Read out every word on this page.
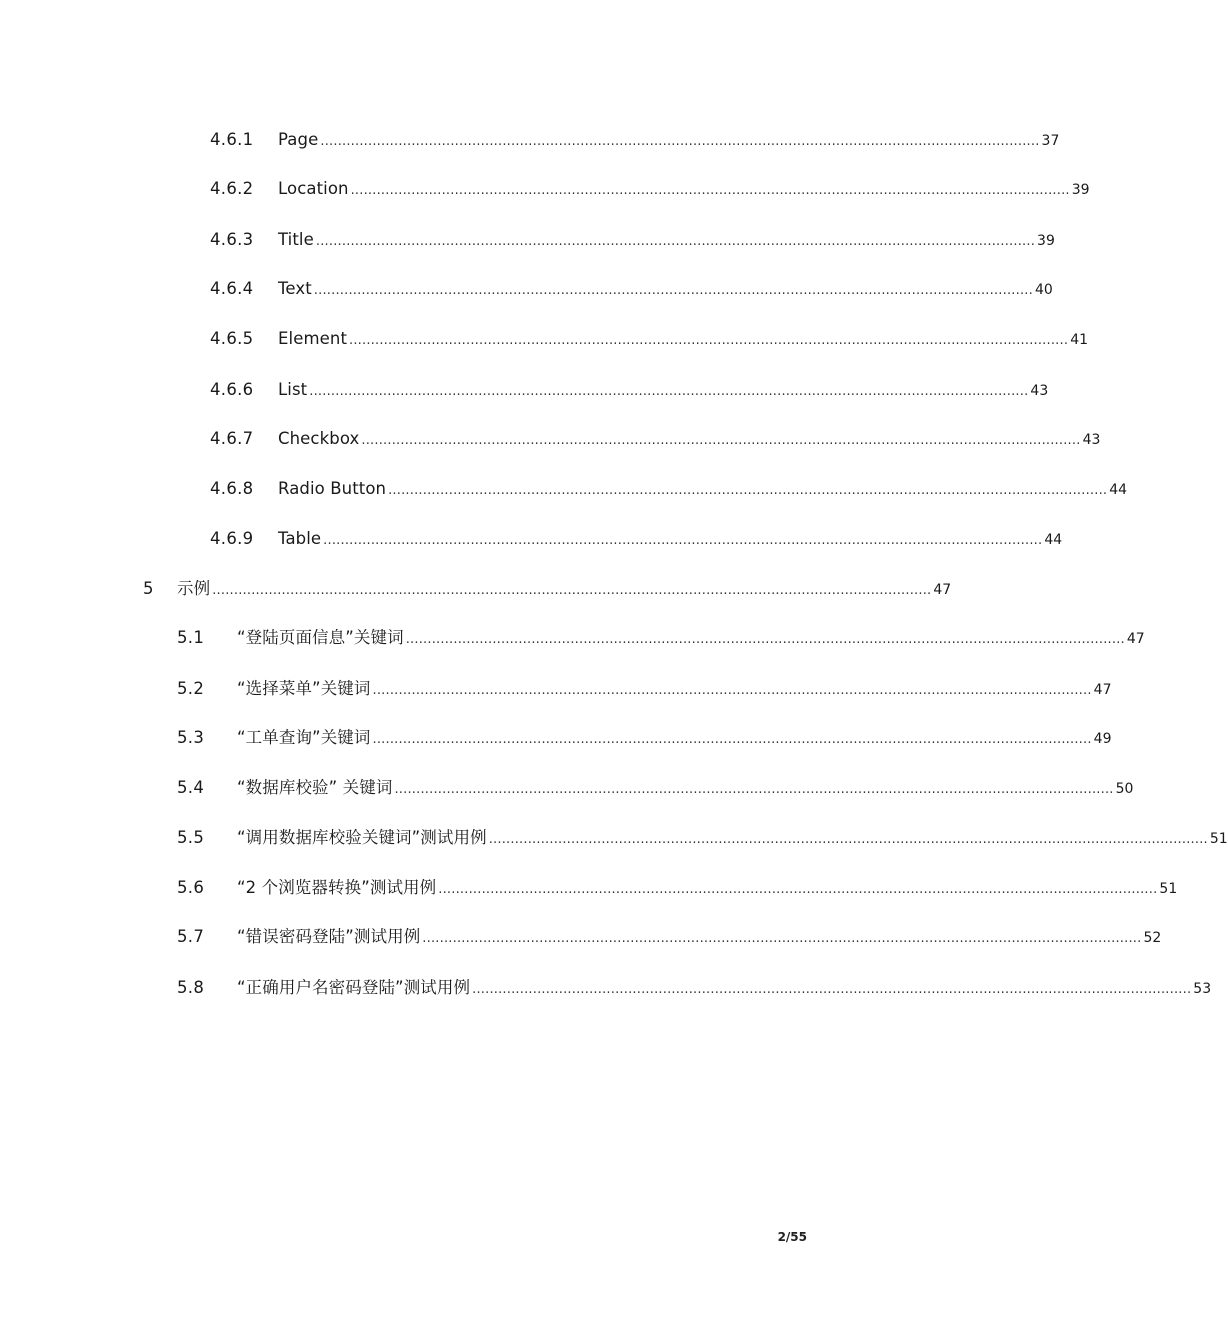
4.6.1	Page ...................................................................................................................................................................... 37
4.6.2	Location ...................................................................................................................................................................... 39
4.6.3	Title ...................................................................................................................................................................... 39
4.6.4	Text ...................................................................................................................................................................... 40
4.6.5	Element ...................................................................................................................................................................... 41
4.6.6	List ...................................................................................................................................................................... 43
4.6.7	Checkbox ...................................................................................................................................................................... 43
4.6.8	Radio Button ...................................................................................................................................................................... 44
4.6.9	Table ...................................................................................................................................................................... 44
5	示例 ...................................................................................................................................................................... 47
5.1	“登陆页面信息”关键词 ...................................................................................................................................................................... 47
5.2	“选择菜单”关键词 ...................................................................................................................................................................... 47
5.3	“工单查询”关键词 ...................................................................................................................................................................... 49
5.4	“数据库校验” 关键词 ...................................................................................................................................................................... 50
5.5	“调用数据库校验关键词”测试用例 ...................................................................................................................................................................... 51
5.6	“2 个浏览器转换”测试用例 ...................................................................................................................................................................... 51
5.7	“错误密码登陆”测试用例 ...................................................................................................................................................................... 52
5.8	“正确用户名密码登陆”测试用例 ...................................................................................................................................................................... 53
2/55
